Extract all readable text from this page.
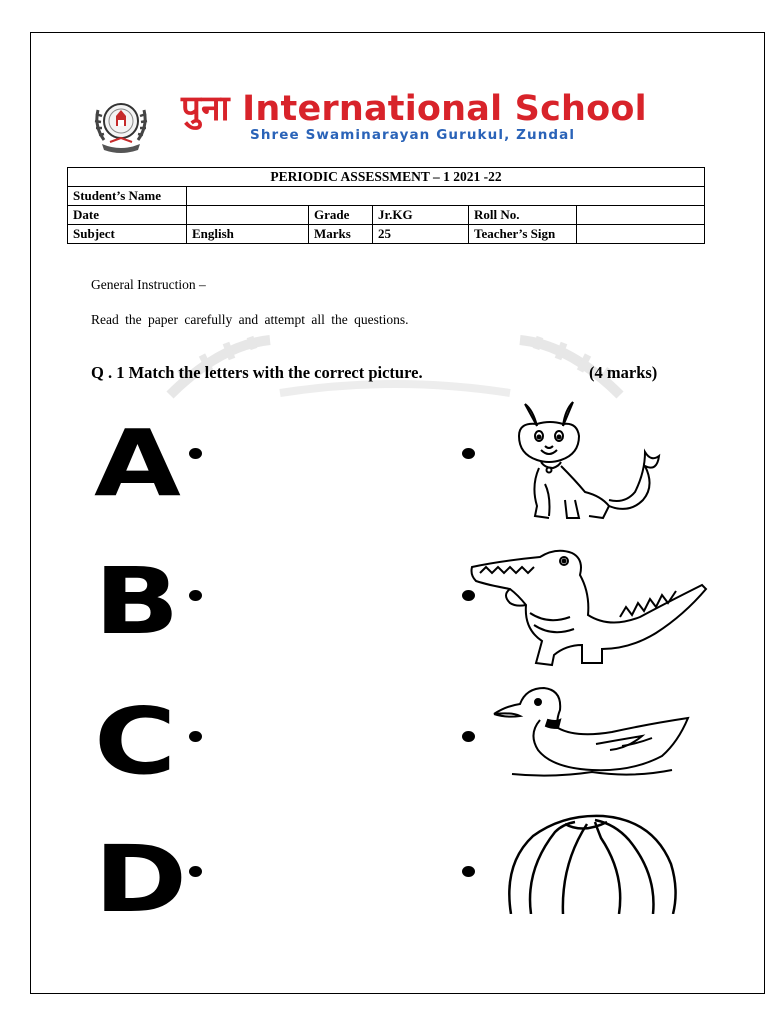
पुना International School
Shree Swaminarayan Gurukul, Zundal
PERIODIC ASSESSMENT – 1 2021 -22					
Student’s Name					
Date		Grade	Jr.KG	Roll No.	
Subject	English	Marks	25	Teacher’s Sign	
General Instruction –
Read the paper carefully and attempt all the questions.
Q . 1 Match the letters with the correct picture.	(4 marks)
A
B
C
D
